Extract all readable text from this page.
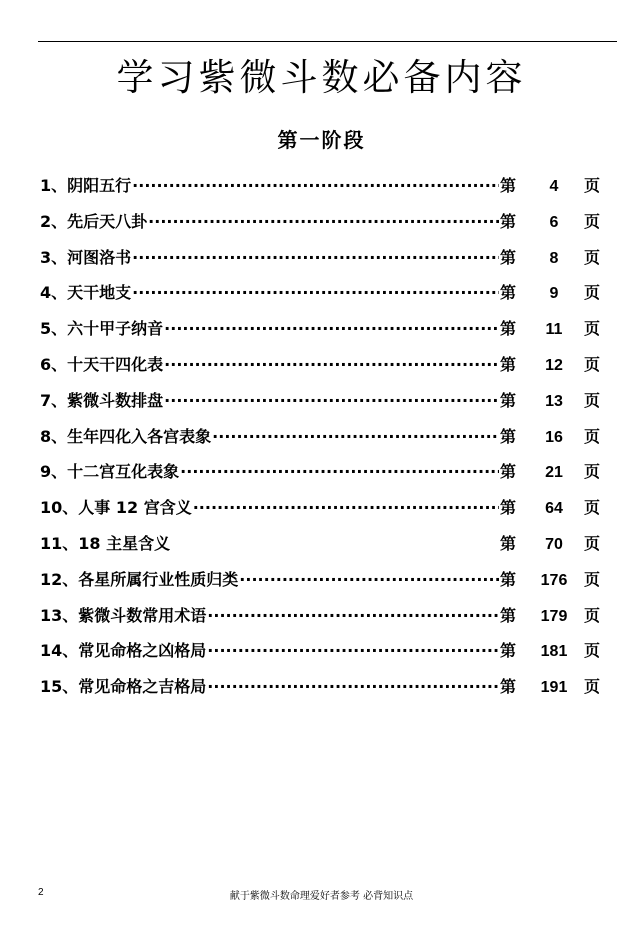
学习紫微斗数必备内容
第一阶段
1、阴阳五行 ·····	第	4	页
2、先后天八卦 ·····	第	6	页
3、河图洛书 ·····	第	8	页
4、天干地支 ·····	第	9	页
5、六十甲子纳音 ·····	第	11	页
6、十天干四化表 ·····	第	12	页
7、紫微斗数排盘 ·····	第	13	页
8、生年四化入各宫表象 ·····	第	16	页
9、十二宫互化表象 ·····	第	21	页
10、人事 12 宫含义 ·····	第	64	页
11、18 主星含义	第	70	页
12、各星所属行业性质归类 ·····	第	176	页
13、紫微斗数常用术语 ·····	第	179	页
14、常见命格之凶格局 ·····	第	181	页
15、常见命格之吉格局 ·····	第	191	页
2	献于紫微斗数命理爱好者参考 必背知识点
